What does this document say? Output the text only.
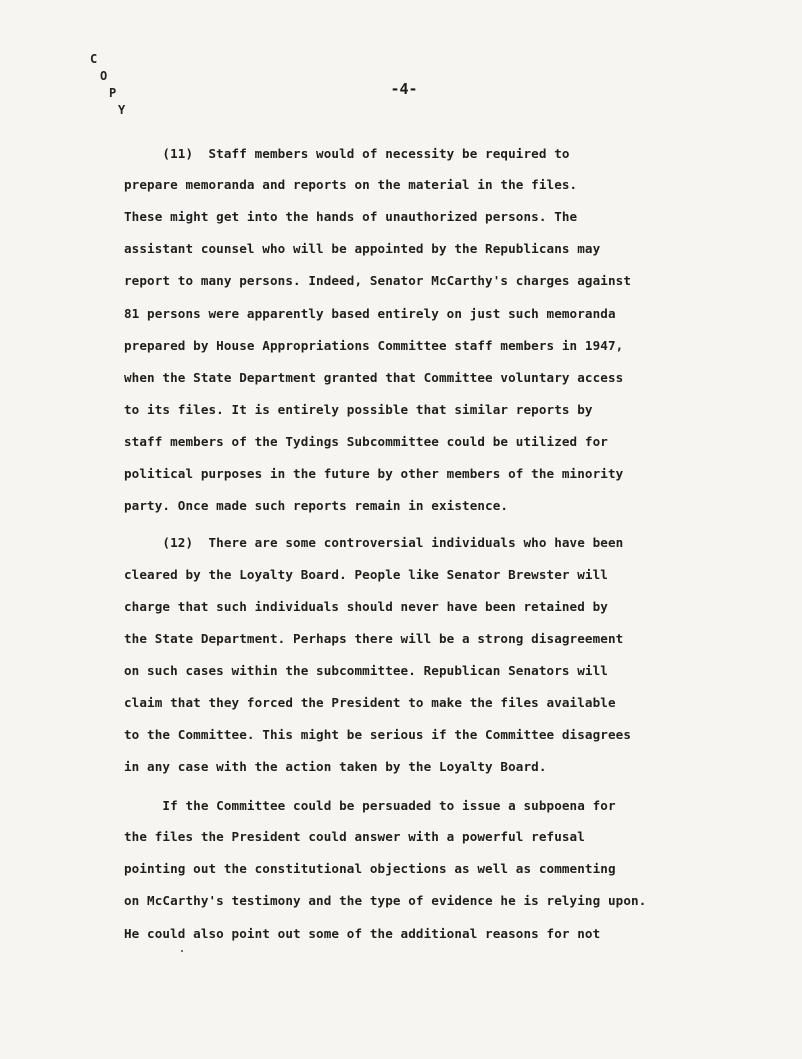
C
O
P
Y
-4-
(11)  Staff members would of necessity be required to
prepare memoranda and reports on the material in the files.
These might get into the hands of unauthorized persons. The
assistant counsel who will be appointed by the Republicans may
report to many persons. Indeed, Senator McCarthy's charges against
81 persons were apparently based entirely on just such memoranda
prepared by House Appropriations Committee staff members in 1947,
when the State Department granted that Committee voluntary access
to its files. It is entirely possible that similar reports by
staff members of the Tydings Subcommittee could be utilized for
political purposes in the future by other members of the minority
party. Once made such reports remain in existence.
(12)  There are some controversial individuals who have been
cleared by the Loyalty Board. People like Senator Brewster will
charge that such individuals should never have been retained by
the State Department. Perhaps there will be a strong disagreement
on such cases within the subcommittee. Republican Senators will
claim that they forced the President to make the files available
to the Committee. This might be serious if the Committee disagrees
in any case with the action taken by the Loyalty Board.
If the Committee could be persuaded to issue a subpoena for
the files the President could answer with a powerful refusal
pointing out the constitutional objections as well as commenting
on McCarthy's testimony and the type of evidence he is relying upon.
He could also point out some of the additional reasons for not
